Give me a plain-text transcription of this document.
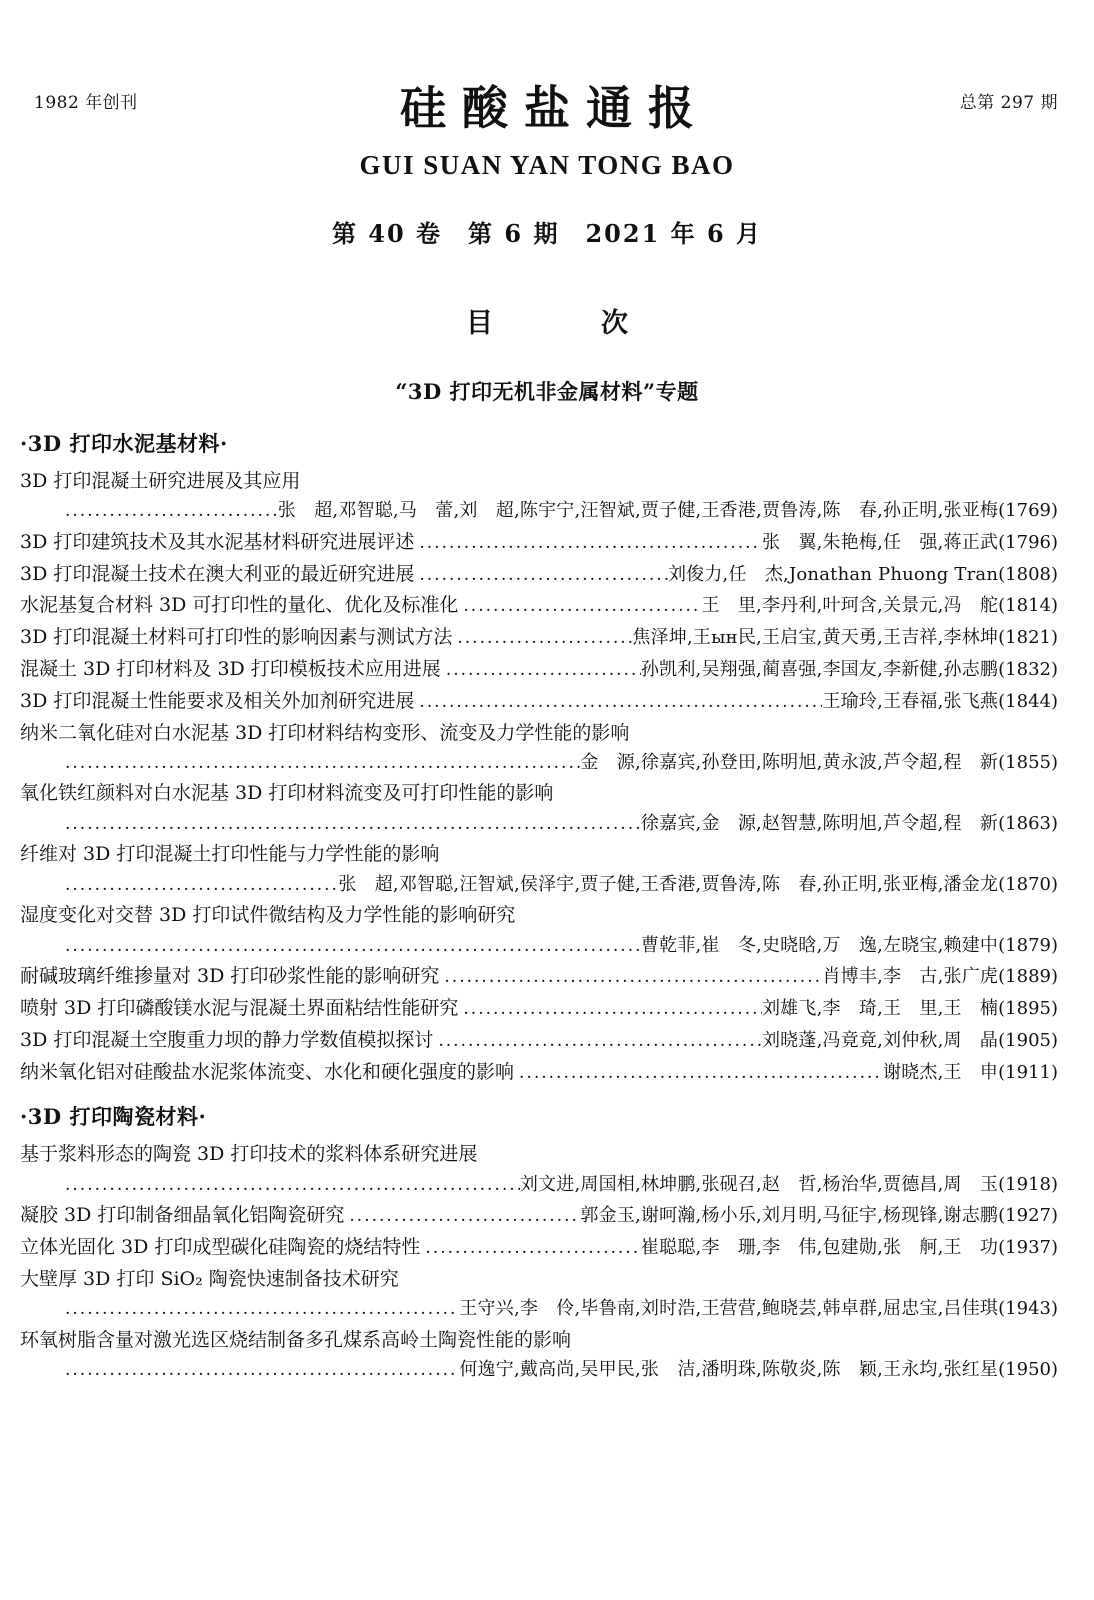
1982 年创刊	总第 297 期
硅酸盐通报
GUI SUAN YAN TONG BAO
第 40 卷　第 6 期　2021 年 6 月
目　　次
“3D 打印无机非金属材料”专题
·3D 打印水泥基材料·
3D 打印混凝土研究进展及其应用
.....
张　超,邓智聪,马　蕾,刘　超,陈宇宁,汪智斌,贾子健,王香港,贾鲁涛,陈　春,孙正明,张亚梅 (1769)
3D 打印建筑技术及其水泥基材料研究进展评述 .....	张　翼,朱艳梅,任　强,蒋正武 (1796)
3D 打印混凝土技术在澳大利亚的最近研究进展 .....	刘俊力,任　杰,Jonathan Phuong Tran (1808)
水泥基复合材料 3D 可打印性的量化、优化及标准化 .....	王　里,李丹利,叶珂含,关景元,冯　舵 (1814)
3D 打印混凝土材料可打印性的影响因素与测试方法 .....	焦泽坤,王ын民,王启宝,黄天勇,王吉祥,李林坤 (1821)
混凝土 3D 打印材料及 3D 打印模板技术应用进展 .....	孙凯利,吴翔强,蔺喜强,李国友,李新健,孙志鹏 (1832)
3D 打印混凝土性能要求及相关外加剂研究进展 .....	王瑜玲,王春福,张飞燕 (1844)
纳米二氧化硅对白水泥基 3D 打印材料结构变形、流变及力学性能的影响
.....
金　源,徐嘉宾,孙登田,陈明旭,黄永波,芦令超,程　新 (1855)
氧化铁红颜料对白水泥基 3D 打印材料流变及可打印性能的影响
.....
徐嘉宾,金　源,赵智慧,陈明旭,芦令超,程　新 (1863)
纤维对 3D 打印混凝土打印性能与力学性能的影响
.....
张　超,邓智聪,汪智斌,侯泽宇,贾子健,王香港,贾鲁涛,陈　春,孙正明,张亚梅,潘金龙 (1870)
湿度变化对交替 3D 打印试件微结构及力学性能的影响研究
.....
曹乾菲,崔　冬,史晓晗,万　逸,左晓宝,赖建中 (1879)
耐碱玻璃纤维掺量对 3D 打印砂浆性能的影响研究 .....	肖博丰,李　古,张广虎 (1889)
喷射 3D 打印磷酸镁水泥与混凝土界面粘结性能研究 .....	刘雄飞,李　琦,王　里,王　楠 (1895)
3D 打印混凝土空腹重力坝的静力学数值模拟探讨 .....	刘晓蓬,冯竟竟,刘仲秋,周　晶 (1905)
纳米氧化铝对硅酸盐水泥浆体流变、水化和硬化强度的影响 .....	谢晓杰,王　申 (1911)
·3D 打印陶瓷材料·
基于浆料形态的陶瓷 3D 打印技术的浆料体系研究进展
.....
刘文进,周国相,林坤鹏,张砚召,赵　哲,杨治华,贾德昌,周　玉 (1918)
凝胶 3D 打印制备细晶氧化铝陶瓷研究 .....	郭金玉,谢呵瀚,杨小乐,刘月明,马征宇,杨现锋,谢志鹏 (1927)
立体光固化 3D 打印成型碳化硅陶瓷的烧结特性 .....	崔聪聪,李　珊,李　伟,包建勋,张　舸,王　功 (1937)
大壁厚 3D 打印 SiO₂ 陶瓷快速制备技术研究
.....
王守兴,李　伶,毕鲁南,刘时浩,王营营,鲍晓芸,韩卓群,屈忠宝,吕佳琪 (1943)
环氧树脂含量对激光选区烧结制备多孔煤系高岭土陶瓷性能的影响
.....
何逸宁,戴高尚,吴甲民,张　洁,潘明珠,陈敬炎,陈　颖,王永均,张红星 (1950)
